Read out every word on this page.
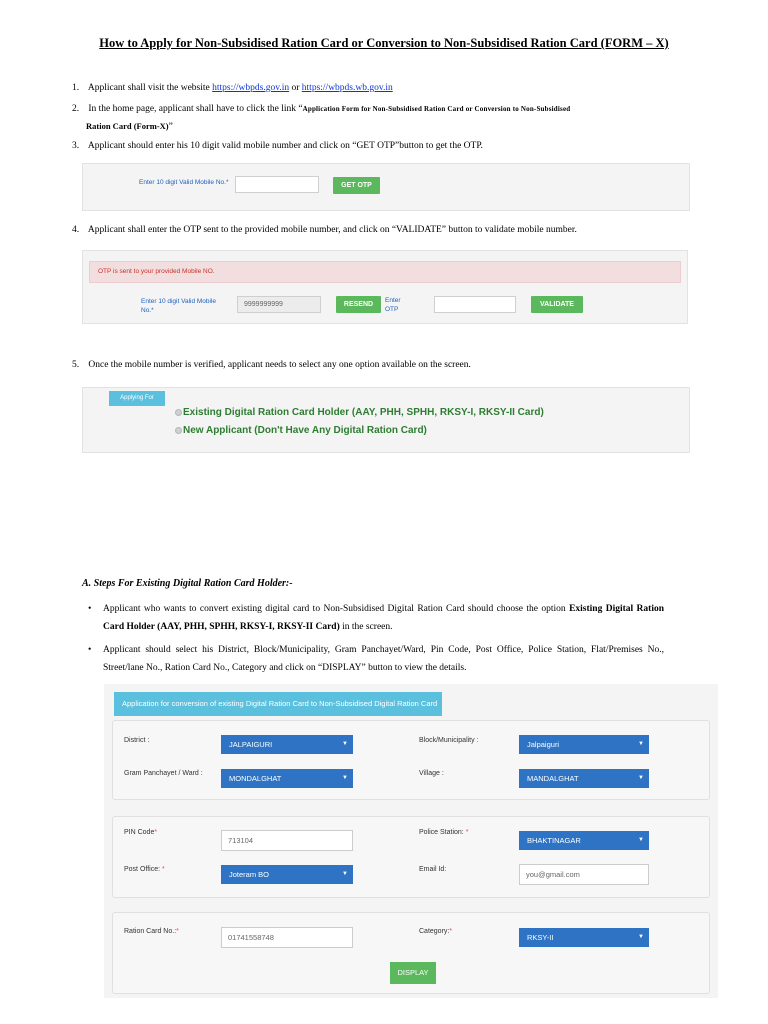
How to Apply for Non-Subsidised Ration Card or Conversion to Non-Subsidised Ration Card (FORM – X)
1. Applicant shall visit the website https://wbpds.gov.in or https://wbpds.wb.gov.in
2. In the home page, applicant shall have to click the link “Application Form for Non-Subsidised Ration Card or Conversion to Non-Subsidised
Ration Card (Form-X)”
3. Applicant should enter his 10 digit valid mobile number and click on “GET OTP”button to get the OTP.
Enter 10 digit Valid Mobile No.*	GET OTP
4. Applicant shall enter the OTP sent to the provided mobile number, and click on “VALIDATE” button to validate mobile number.
OTP is sent to your provided Mobile NO.
Enter 10 digit Valid Mobile No.*
9999999999	RESEND
Enter OTP
VALIDATE
5. Once the mobile number is verified, applicant needs to select any one option available on the screen.
Applying For
Existing Digital Ration Card Holder (AAY, PHH, SPHH, RKSY-I, RKSY-II Card)
New Applicant (Don't Have Any Digital Ration Card)
A. Steps For Existing Digital Ration Card Holder:-
• Applicant who wants to convert existing digital card to Non-Subsidised Digital Ration Card should choose the option Existing Digital Ration Card Holder (AAY, PHH, SPHH, RKSY-I, RKSY-II Card) in the screen.
• Applicant should select his District, Block/Municipality, Gram Panchayet/Ward, Pin Code, Post Office, Police Station, Flat/Premises No., Street/lane No., Ration Card No., Category and click on “DISPLAY” button to view the details.
Application for conversion of existing Digital Ration Card to Non-Subsidised Digital Ration Card
District :	JALPAIGURI	▼	Block/Municipality :	Jalpaiguri	▼
Gram Panchayet / Ward :
MONDALGHAT	▼
Village :
MANDALGHAT	▼
PIN Code*
713104
Police Station: *
BHAKTINAGAR	▼
Post Office: *
Joteram BO	▼
Email Id:
you@gmail.com
Ration Card No.:*
01741558748
Category:*
RKSY-II	▼
DISPLAY
